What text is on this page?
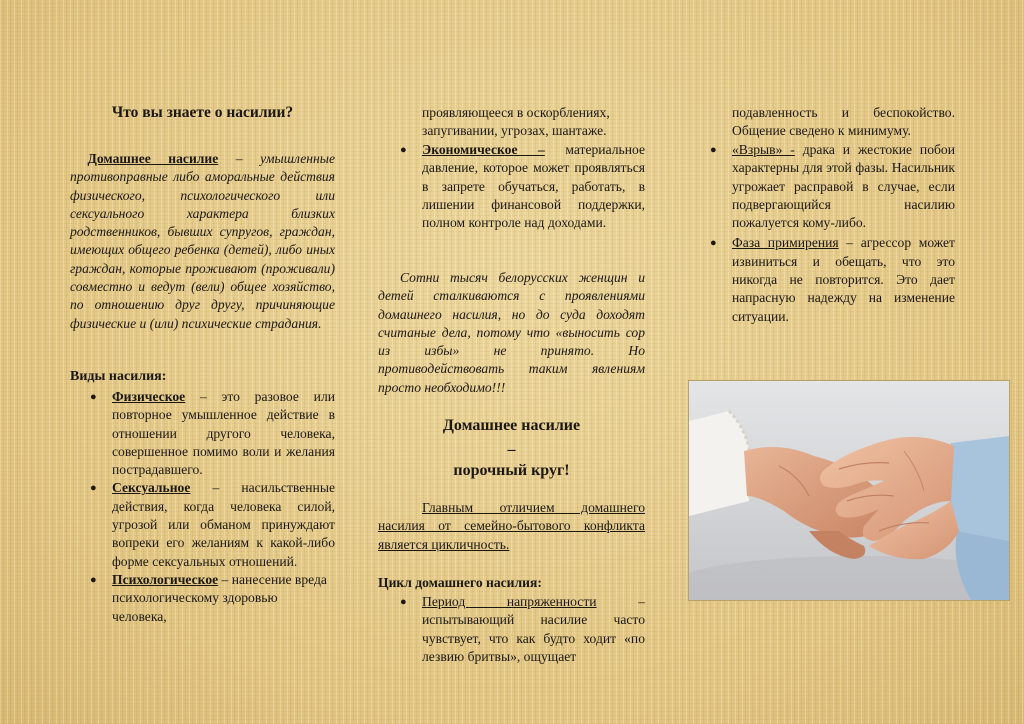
Что вы знаете о насилии?
Домашнее насилие – умышленные противоправные либо аморальные действия физического, психологического или сексуального характера близких родственников, бывших супругов, граждан, имеющих общего ребенка (детей), либо иных граждан, которые проживают (проживали) совместно и ведут (вели) общее хозяйство, по отношению друг другу, причиняющие физические и (или) психические страдания.
Виды насилия:
● Физическое – это разовое или повторное умышленное действие в отношении другого человека, совершенное помимо воли и желания пострадавшего.
● Сексуальное – насильственные действия, когда человека силой, угрозой или обманом принуждают вопреки его желаниям к какой-либо форме сексуальных отношений.
● Психологическое – нанесение вреда психологическому здоровью человека,
проявляющееся в оскорблениях, запугивании, угрозах, шантаже.
● Экономическое – материальное давление, которое может проявляться в запрете обучаться, работать, в лишении финансовой поддержки, полном контроле над доходами.
Сотни тысяч белорусских женщин и детей сталкиваются с проявлениями домашнего насилия, но до суда доходят считаные дела, потому что «выносить сор из избы» не принято. Но противодействовать таким явлениям просто необходимо!!!
Домашнее насилие
–
порочный круг!
Главным отличием домашнего насилия от семейно-бытового конфликта является цикличность.
Цикл домашнего насилия:
● Период напряженности – испытывающий насилие часто чувствует, что как будто ходит «по лезвию бритвы», ощущает
подавленность и беспокойство. Общение сведено к минимуму.
● «Взрыв» - драка и жестокие побои характерны для этой фазы. Насильник угрожает расправой в случае, если подвергающийся насилию пожалуется кому-либо.
● Фаза примирения – агрессор может извиниться и обещать, что это никогда не повторится. Это дает напрасную надежду на изменение ситуации.
